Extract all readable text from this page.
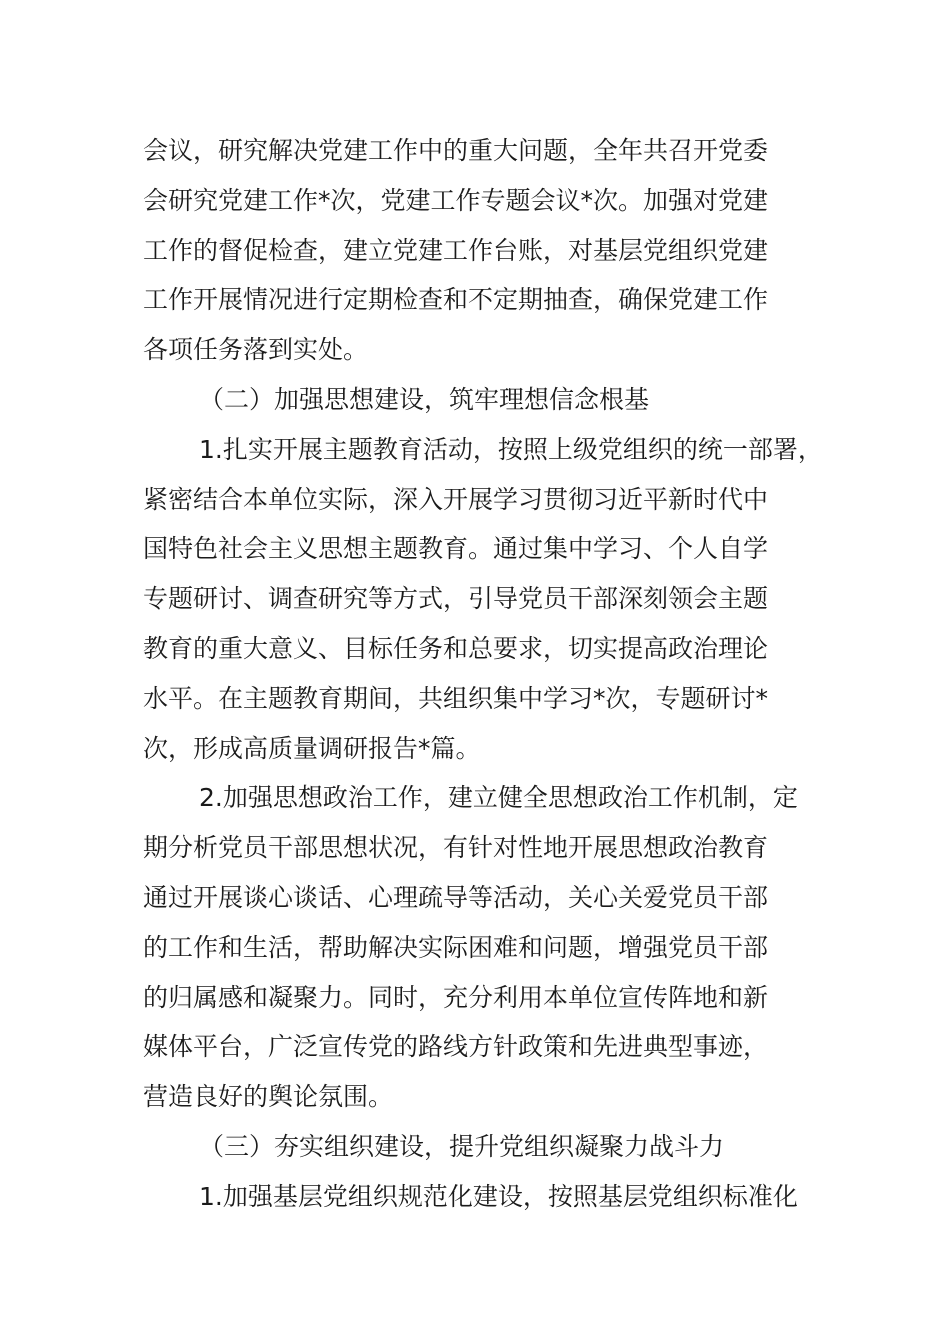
会议，研究解决党建工作中的重大问题，全年共召开党委
会研究党建工作*次，党建工作专题会议*次。加强对党建
工作的督促检查，建立党建工作台账，对基层党组织党建
工作开展情况进行定期检查和不定期抽查，确保党建工作
各项任务落到实处。
（二）加强思想建设，筑牢理想信念根基
1.扎实开展主题教育活动，按照上级党组织的统一部署，
紧密结合本单位实际，深入开展学习贯彻习近平新时代中
国特色社会主义思想主题教育。通过集中学习、个人自学
专题研讨、调查研究等方式，引导党员干部深刻领会主题
教育的重大意义、目标任务和总要求，切实提高政治理论
水平。在主题教育期间，共组织集中学习*次，专题研讨*
次，形成高质量调研报告*篇。
2.加强思想政治工作，建立健全思想政治工作机制，定
期分析党员干部思想状况，有针对性地开展思想政治教育
通过开展谈心谈话、心理疏导等活动，关心关爱党员干部
的工作和生活，帮助解决实际困难和问题，增强党员干部
的归属感和凝聚力。同时，充分利用本单位宣传阵地和新
媒体平台，广泛宣传党的路线方针政策和先进典型事迹，
营造良好的舆论氛围。
（三）夯实组织建设，提升党组织凝聚力战斗力
1.加强基层党组织规范化建设，按照基层党组织标准化
